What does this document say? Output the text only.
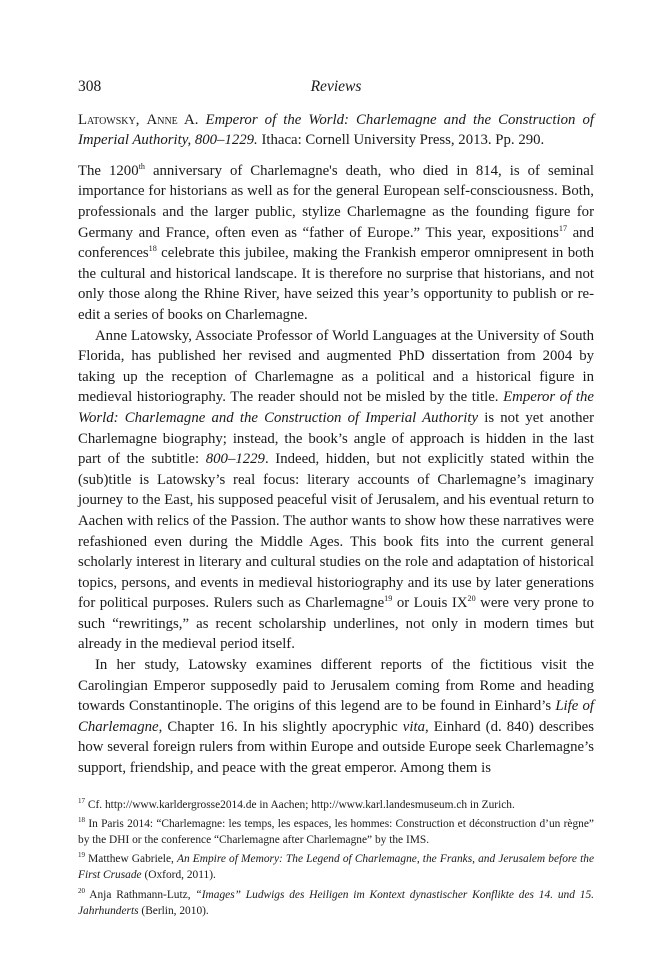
308	Reviews
Latowsky, Anne A. Emperor of the World: Charlemagne and the Construction of Imperial Authority, 800–1229. Ithaca: Cornell University Press, 2013. Pp. 290.

The 1200th anniversary of Charlemagne's death, who died in 814, is of seminal importance for historians as well as for the general European self-consciousness. Both, professionals and the larger public, stylize Charlemagne as the founding figure for Germany and France, often even as “father of Europe.” This year, expositions$^{17}$ and conferences$^{18}$ celebrate this jubilee, making the Frankish emperor omnipresent in both the cultural and historical landscape. It is therefore no surprise that historians, and not only those along the Rhine River, have seized this year’s opportunity to publish or re-edit a series of books on Charlemagne.

Anne Latowsky, Associate Professor of World Languages at the University of South Florida, has published her revised and augmented PhD dissertation from 2004 by taking up the reception of Charlemagne as a political and a historical figure in medieval historiography. The reader should not be misled by the title. Emperor of the World: Charlemagne and the Construction of Imperial Authority is not yet another Charlemagne biography; instead, the book’s angle of approach is hidden in the last part of the subtitle: 800–1229. Indeed, hidden, but not explicitly stated within the (sub)title is Latowsky’s real focus: literary accounts of Charlemagne’s imaginary journey to the East, his supposed peaceful visit of Jerusalem, and his eventual return to Aachen with relics of the Passion. The author wants to show how these narratives were refashioned even during the Middle Ages. This book fits into the current general scholarly interest in literary and cultural studies on the role and adaptation of historical topics, persons, and events in medieval historiography and its use by later generations for political purposes. Rulers such as Charlemagne$^{19}$ or Louis IX$^{20}$ were very prone to such “rewritings,” as recent scholarship underlines, not only in modern times but already in the medieval period itself.

In her study, Latowsky examines different reports of the fictitious visit the Carolingian Emperor supposedly paid to Jerusalem coming from Rome and heading towards Constantinople. The origins of this legend are to be found in Einhard’s Life of Charlemagne, Chapter 16. In his slightly apocryphic vita, Einhard (d. 840) describes how several foreign rulers from within Europe and outside Europe seek Charlemagne’s support, friendship, and peace with the great emperor. Among them is

$^{17}$ Cf. http://www.karldergrosse2014.de in Aachen; http://www.karl.landesmuseum.ch in Zurich.

$^{18}$ In Paris 2014: “Charlemagne: les temps, les espaces, les hommes: Construction et déconstruction d’un règne” by the DHI or the conference “Charlemagne after Charlemagne” by the IMS.

$^{19}$ Matthew Gabriele, An Empire of Memory: The Legend of Charlemagne, the Franks, and Jerusalem before the First Crusade (Oxford, 2011).

$^{20}$ Anja Rathmann-Lutz, “Images” Ludwigs des Heiligen im Kontext dynastischer Konflikte des 14. und 15. Jahrhunderts (Berlin, 2010).
